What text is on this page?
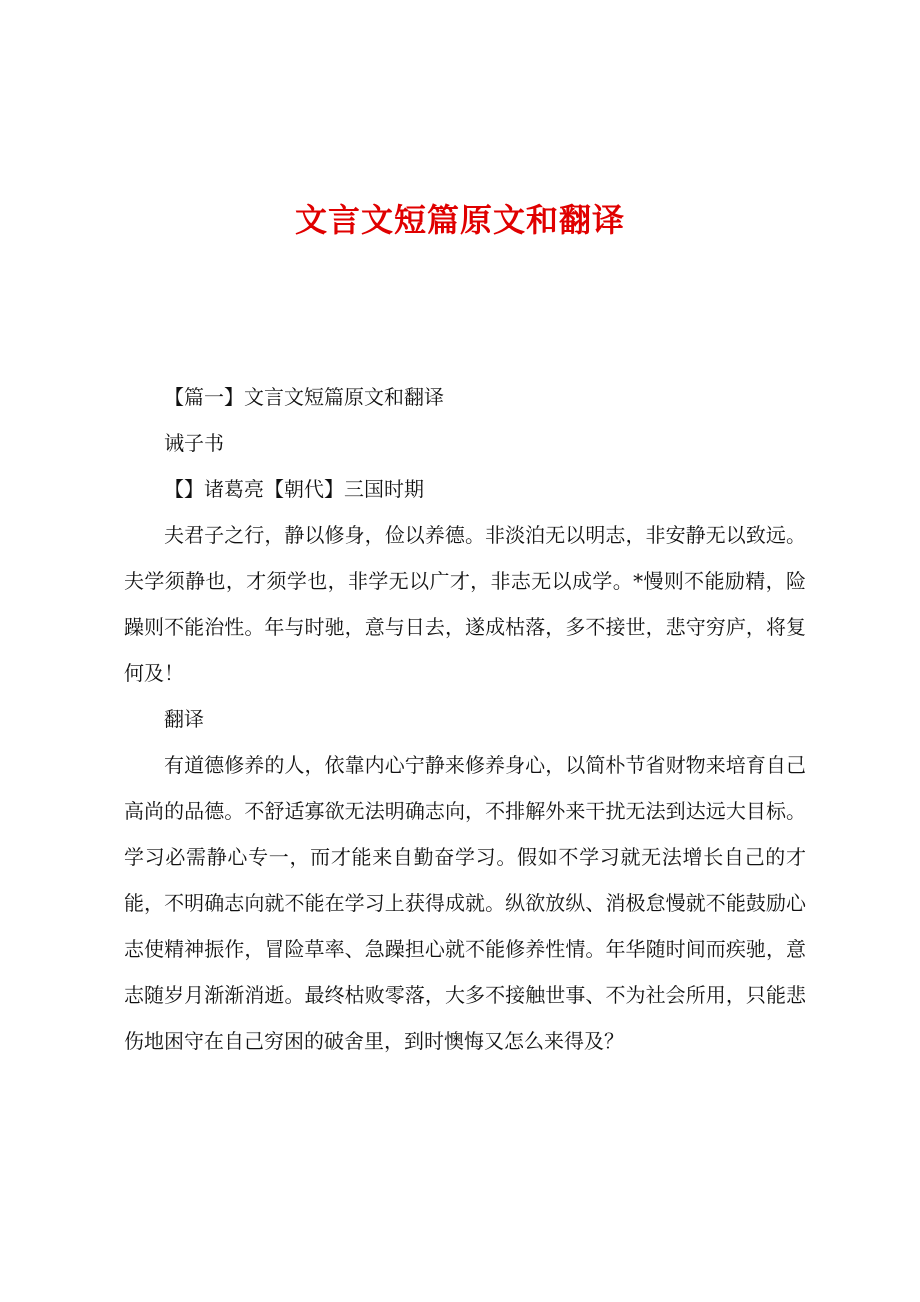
文言文短篇原文和翻译

【篇一】文言文短篇原文和翻译

诫子书

【】诸葛亮【朝代】三国时期

夫君子之行，静以修身，俭以养德。非淡泊无以明志，非安静无以致远。夫学须静也，才须学也，非学无以广才，非志无以成学。*慢则不能励精，险躁则不能治性。年与时驰，意与日去，遂成枯落，多不接世，悲守穷庐，将复何及！

翻译

有道德修养的人，依靠内心宁静来修养身心，以简朴节省财物来培育自己高尚的品德。不舒适寡欲无法明确志向，不排解外来干扰无法到达远大目标。学习必需静心专一，而才能来自勤奋学习。假如不学习就无法增长自己的才能，不明确志向就不能在学习上获得成就。纵欲放纵、消极怠慢就不能鼓励心志使精神振作，冒险草率、急躁担心就不能修养性情。年华随时间而疾驰，意志随岁月渐渐消逝。最终枯败零落，大多不接触世事、不为社会所用，只能悲伤地困守在自己穷困的破舍里，到时懊悔又怎么来得及？
